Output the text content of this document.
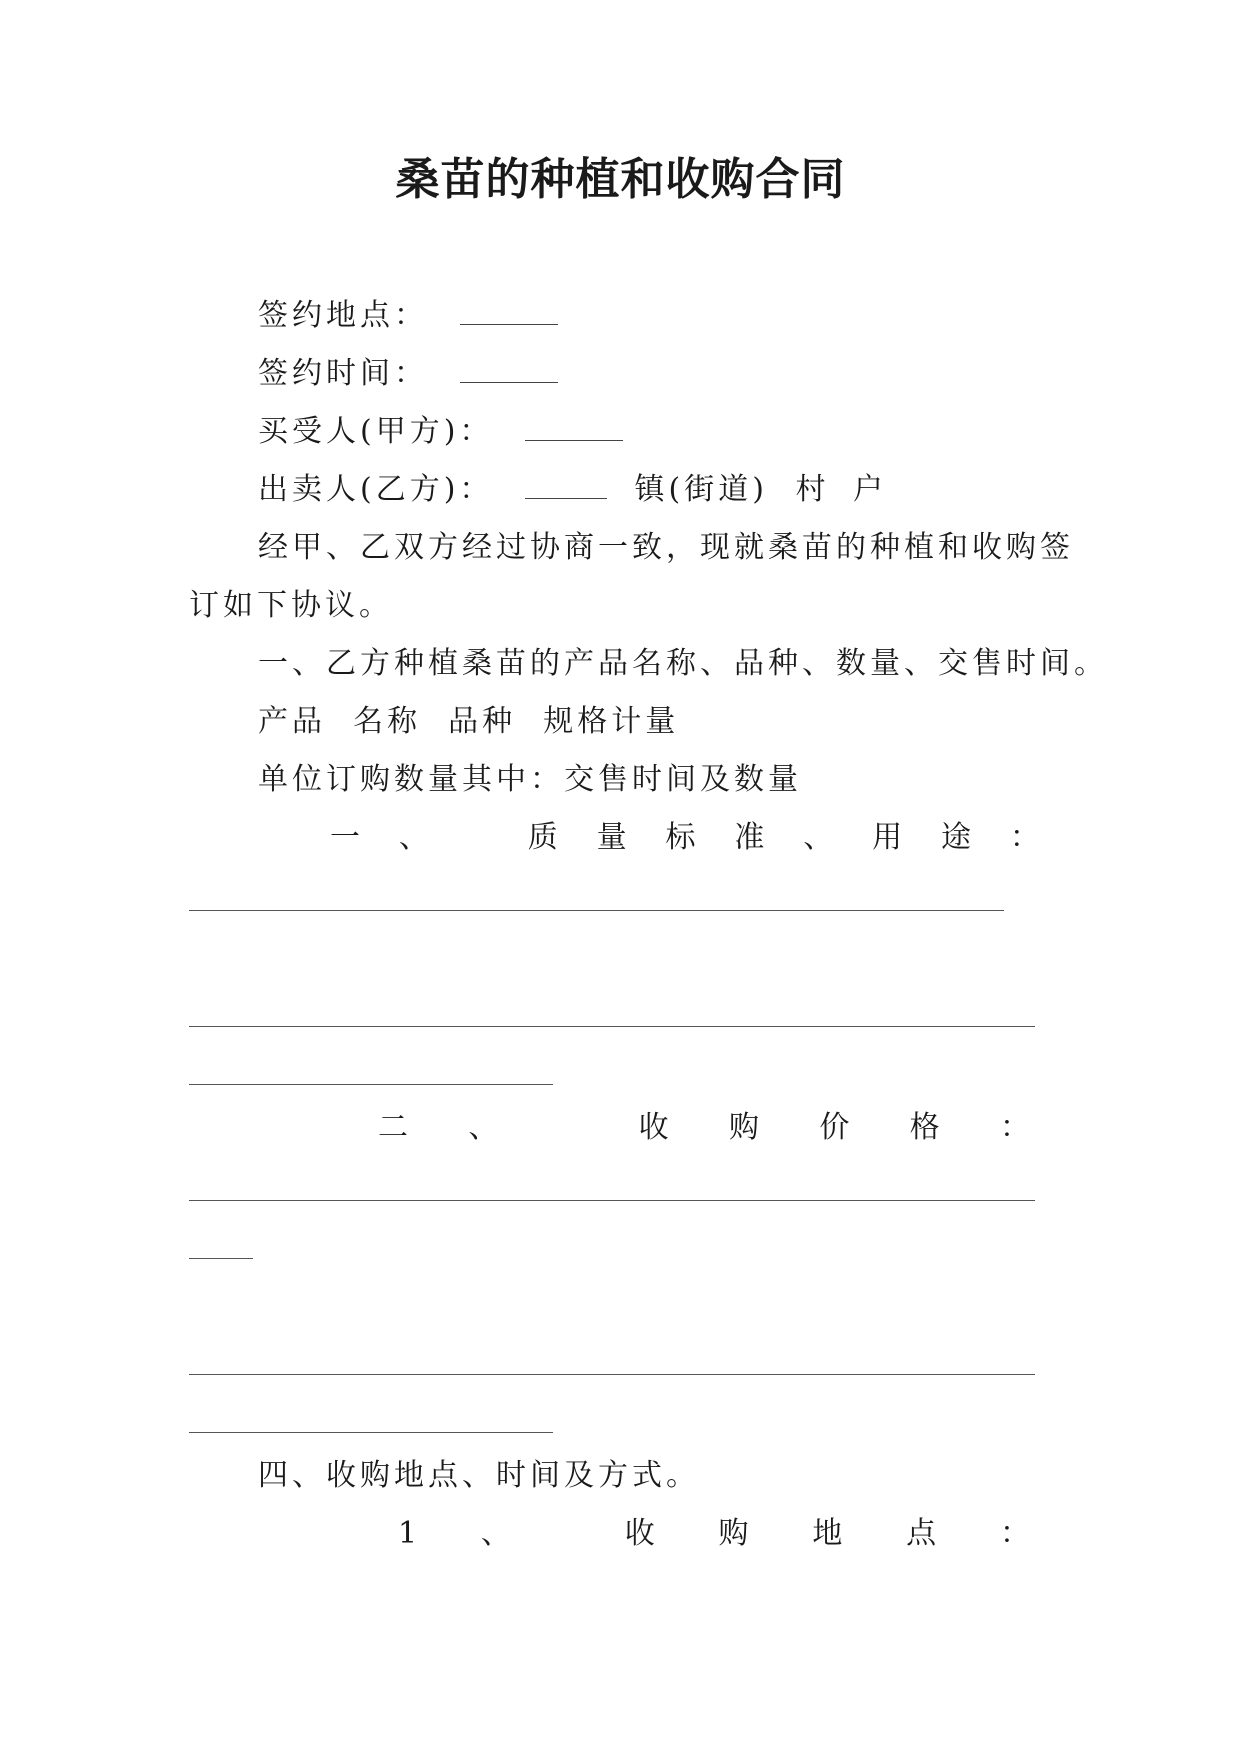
桑苗的种植和收购合同
签约地点：
签约时间：
买受人(甲方)：
出卖人(乙方)：	镇(街道) 村 户
经甲、乙双方经过协商一致，现就桑苗的种植和收购签
订如下协议。
一、乙方种植桑苗的产品名称、品种、数量、交售时间。
产品  名称  品种  规格计量
单位订购数量其中：交售时间及数量
一 、	质 量 标 准 、 用 途 ：
二 、	收 购 价 格 ：
四、收购地点、时间及方式。
1 、	收 购 地 点 ：
